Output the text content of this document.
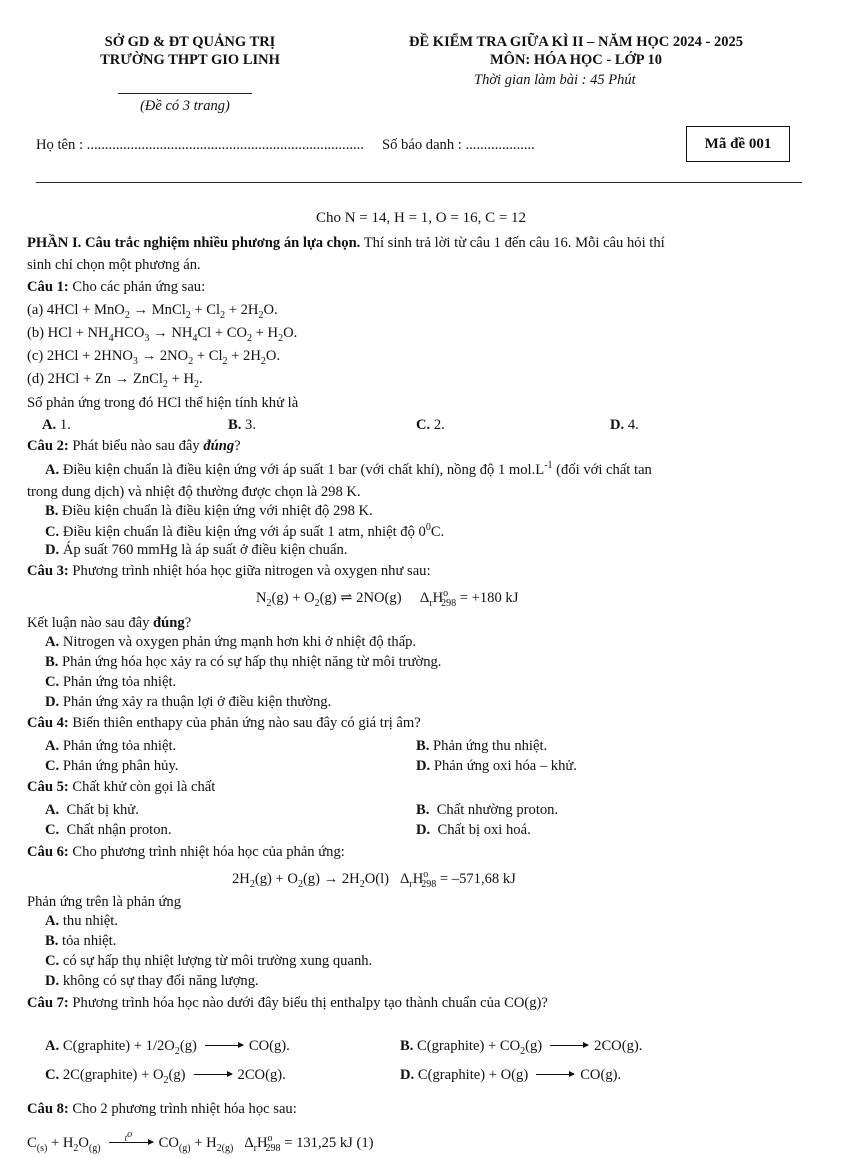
SỞ GD & ĐT QUẢNG TRỊ
TRƯỜNG THPT GIO LINH
(Đề có 3 trang)
ĐỀ KIỂM TRA GIỮA KÌ II – NĂM HỌC 2024 - 2025
MÔN: HÓA HỌC - LỚP 10
Thời gian làm bài : 45 Phút
Họ tên : ............................................................................ Số báo danh : ...................	Mã đề 001
Cho N = 14, H = 1, O = 16, C = 12
PHẦN I. Câu trắc nghiệm nhiều phương án lựa chọn. Thí sinh trả lời từ câu 1 đến câu 16. Mỗi câu hỏi thí
sinh chỉ chọn một phương án.
Câu 1: Cho các phản ứng sau:
(a) 4HCl + MnO$_2$ → MnCl$_2$ + $Cl_2 + 2H_2O$.
(b) HCl + $NH_4HCO_3 \to NH_4Cl + CO_2 + H_2O$.
(c) $2HCl + 2HNO_3 \to 2NO_2 + Cl_2 + 2H_2O$.
(d) 2HCl + Zn → ZnCl$_2$ + $H_2$.
Số phản ứng trong đó HCl thể hiện tính khử là
A. 1.	B. 3.	C. 2.	D. 4.
Câu 2: Phát biểu nào sau đây đúng?
A. Điều kiện chuẩn là điều kiện ứng với áp suất 1 bar (với chất khí), nồng độ 1 $mol.L^{-1}$ (đối với chất tan
trong dung dịch) và nhiệt độ thường được chọn là 298 K.
B. Điều kiện chuẩn là điều kiện ứng với nhiệt độ 298 K.
C. Điều kiện chuẩn là điều kiện ứng với áp suất 1 atm, nhiệt độ $0^0C$.
D. Áp suất 760 mmHg là áp suất ở điều kiện chuẩn.
Câu 3: Phương trình nhiệt hóa học giữa nitrogen và oxygen như sau:
$N_2(g) + O_2(g)$ ⇌ 2NO(g)     $\Delta_rH^o_{298} = +180$ kJ
Kết luận nào sau đây đúng?
A. Nitrogen và oxygen phản ứng mạnh hơn khi ở nhiệt độ thấp.
B. Phản ứng hóa học xảy ra có sự hấp thụ nhiệt năng từ môi trường.
C. Phản ứng tỏa nhiệt.
D. Phản ứng xảy ra thuận lợi ở điều kiện thường.
Câu 4: Biến thiên enthapy của phản ứng nào sau đây có giá trị âm?
A. Phản ứng tỏa nhiệt.	B. Phản ứng thu nhiệt.
C. Phản ứng phân hủy.	D. Phản ứng oxi hóa – khử.
Câu 5: Chất khử còn gọi là chất
A. Chất bị khử.	B. Chất nhường proton.
C. Chất nhận proton.	D. Chất bị oxi hoá.
Câu 6: Cho phương trình nhiệt hóa học của phản ứng:
$2H_2(g) + O_2(g) \to 2H_2O(l) \Delta_rH^o_{298} = -571,68$ kJ
Phản ứng trên là phản ứng
A. thu nhiệt.
B. tỏa nhiệt.
C. có sự hấp thụ nhiệt lượng từ môi trường xung quanh.
D. không có sự thay đổi năng lượng.
Câu 7: Phương trình hóa học nào dưới đây biểu thị enthalpy tạo thành chuẩn của CO(g)?
A. C(graphite) + $1/2O_2(g)$	CO(g).	B. C(graphite) + $CO_2(g)$	2CO(g).
C. 2C(graphite) + $O_2(g)$	2CO(g).	D. C(graphite) + O(g)	CO(g).
Câu 8: Cho 2 phương trình nhiệt hóa học sau:
$C_{(s)} + H_2O_{(g)}$
$t^o$
$CO_{(g)} + H_{2(g)}$ $\Delta_rH^o_{298} = 131,25$ kJ (1)
